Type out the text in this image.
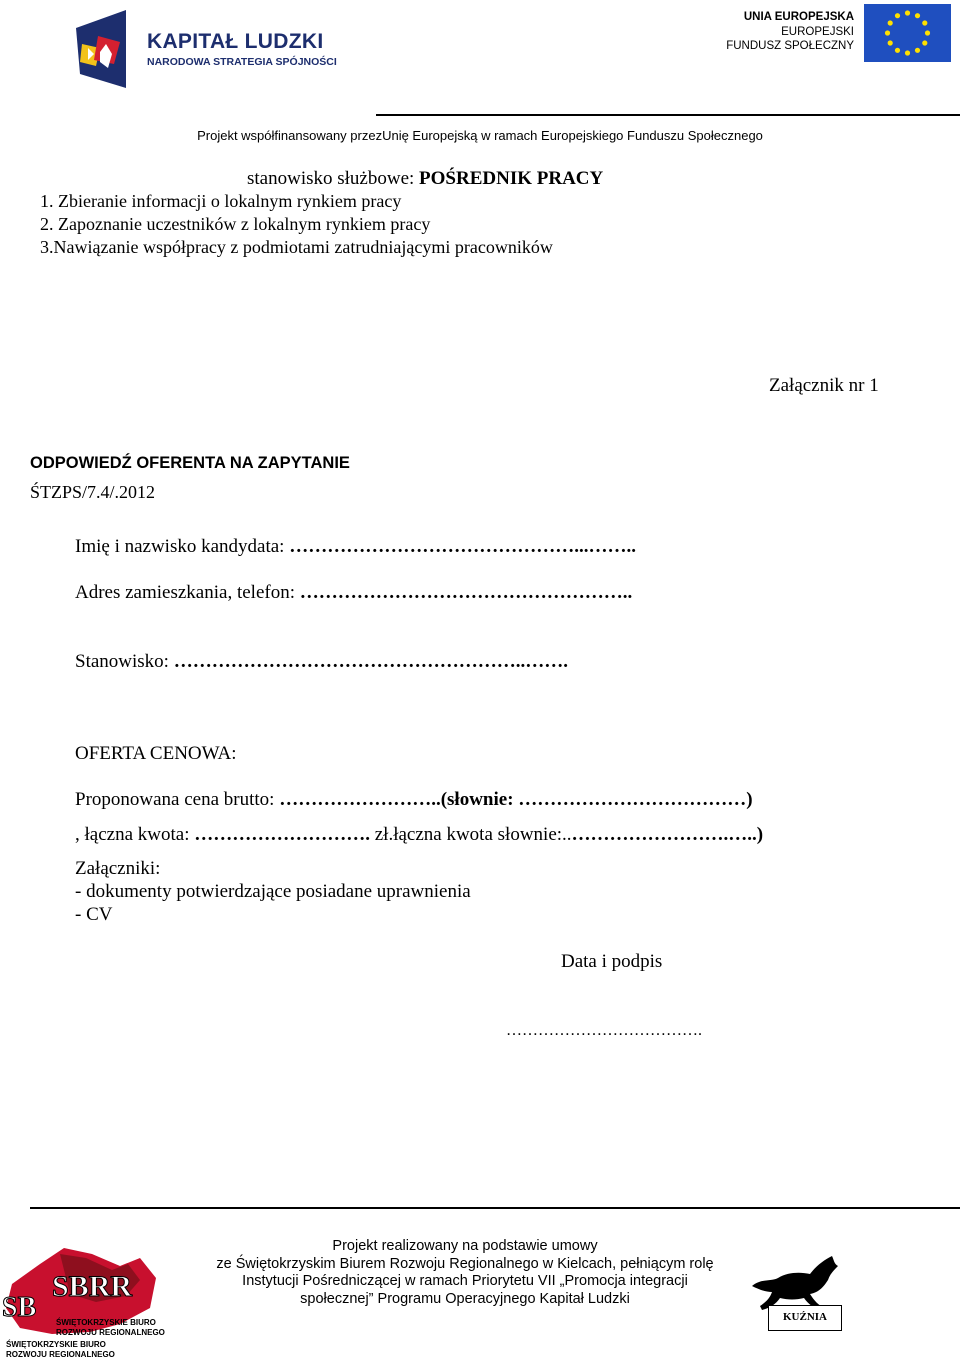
KAPITAŁ LUDZKI
NARODOWA STRATEGIA SPÓJNOŚCI
UNIA EUROPEJSKA
EUROPEJSKI
FUNDUSZ SPOŁECZNY
Projekt współfinansowany przezUnię Europejską w ramach Europejskiego Funduszu Społecznego
stanowisko służbowe: POŚREDNIK PRACY
1. Zbieranie informacji o lokalnym rynkiem pracy
2. Zapoznanie uczestników z lokalnym rynkiem pracy
3.Nawiązanie współpracy z podmiotami zatrudniającymi pracowników
Załącznik nr 1
ODPOWIEDŹ OFERENTA NA ZAPYTANIE
ŚTZPS/7.4/.2012
Imię i nazwisko kandydata: ………………………………………...……..
Adres zamieszkania, telefon: ……………………………………………..
Stanowisko: ………………………………………………..…….
OFERTA CENOWA:
Proponowana cena brutto: ……………………..(słownie: ………………………………)
, łączna kwota: ………………………. zł.łączna kwota słownie:..…………………….…..)
Załączniki:
- dokumenty potwierdzające posiadane uprawnienia
- CV
Data i podpis
……………………………….
Projekt realizowany na podstawie umowy
ze Świętokrzyskim Biurem Rozwoju Regionalnego w Kielcach, pełniącym rolę
Instytucji Pośredniczącej w ramach Priorytetu VII „Promocja integracji
społecznej” Programu Operacyjnego Kapitał Ludzki
SBRR
SB ŚWIĘTOKRZYSKIE BIURO
ROZWOJU REGIONALNEGO
ŚWIĘTOKRZYSKIE BIURO
ROZWOJU REGIONALNEGO
KUŹNIA
